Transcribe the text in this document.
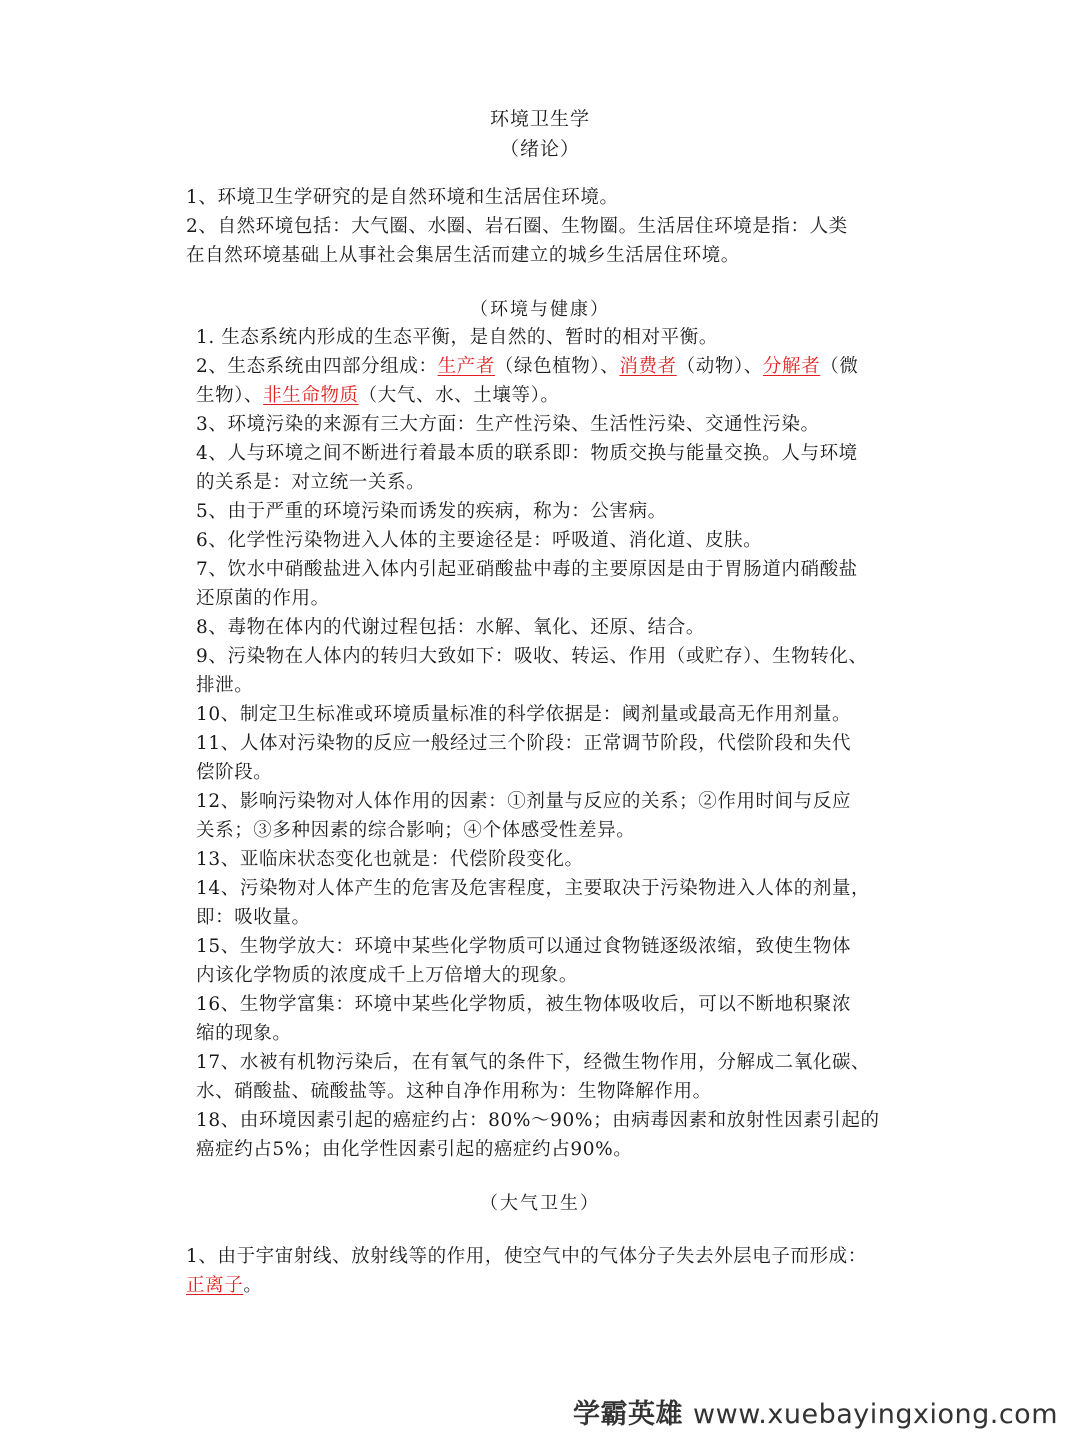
环境卫生学
（绪论）
1、环境卫生学研究的是自然环境和生活居住环境。
2、自然环境包括：大气圈、水圈、岩石圈、生物圈。生活居住环境是指：人类
在自然环境基础上从事社会集居生活而建立的城乡生活居住环境。
（环境与健康）
1. 生态系统内形成的生态平衡，是自然的、暂时的相对平衡。
2、生态系统由四部分组成：生产者（绿色植物）、消费者（动物）、分解者（微
生物）、非生命物质（大气、水、土壤等）。
3、环境污染的来源有三大方面：生产性污染、生活性污染、交通性污染。
4、人与环境之间不断进行着最本质的联系即：物质交换与能量交换。人与环境
的关系是：对立统一关系。
5、由于严重的环境污染而诱发的疾病，称为：公害病。
6、化学性污染物进入人体的主要途径是：呼吸道、消化道、皮肤。
7、饮水中硝酸盐进入体内引起亚硝酸盐中毒的主要原因是由于胃肠道内硝酸盐
还原菌的作用。
8、毒物在体内的代谢过程包括：水解、氧化、还原、结合。
9、污染物在人体内的转归大致如下：吸收、转运、作用（或贮存）、生物转化、
排泄。
10、制定卫生标准或环境质量标准的科学依据是：阈剂量或最高无作用剂量。
11、人体对污染物的反应一般经过三个阶段：正常调节阶段，代偿阶段和失代
偿阶段。
12、影响污染物对人体作用的因素：①剂量与反应的关系；②作用时间与反应
关系；③多种因素的综合影响；④个体感受性差异。
13、亚临床状态变化也就是：代偿阶段变化。
14、污染物对人体产生的危害及危害程度，主要取决于污染物进入人体的剂量，
即：吸收量。
15、生物学放大：环境中某些化学物质可以通过食物链逐级浓缩，致使生物体
内该化学物质的浓度成千上万倍增大的现象。
16、生物学富集：环境中某些化学物质，被生物体吸收后，可以不断地积聚浓
缩的现象。
17、水被有机物污染后，在有氧气的条件下，经微生物作用，分解成二氧化碳、
水、硝酸盐、硫酸盐等。这种自净作用称为：生物降解作用。
18、由环境因素引起的癌症约占：80%～90%；由病毒因素和放射性因素引起的
癌症约占5%；由化学性因素引起的癌症约占90%。
（大气卫生）
1、由于宇宙射线、放射线等的作用，使空气中的气体分子失去外层电子而形成：
正离子。
学霸英雄 www.xuebayingxiong.com
